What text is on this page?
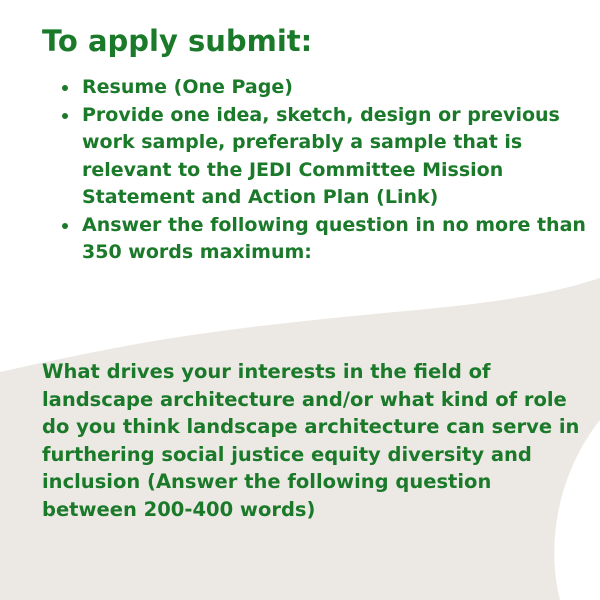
To apply submit:
Resume (One Page)
Provide one idea, sketch, design or previous work sample, preferably a sample that is relevant to the JEDI Committee Mission Statement and Action Plan (Link)
Answer the following question in no more than 350 words maximum:

What drives your interests in the field of landscape architecture and/or what kind of role do you think landscape architecture can serve in furthering social justice equity diversity and inclusion (Answer the following question between 200-400 words)
